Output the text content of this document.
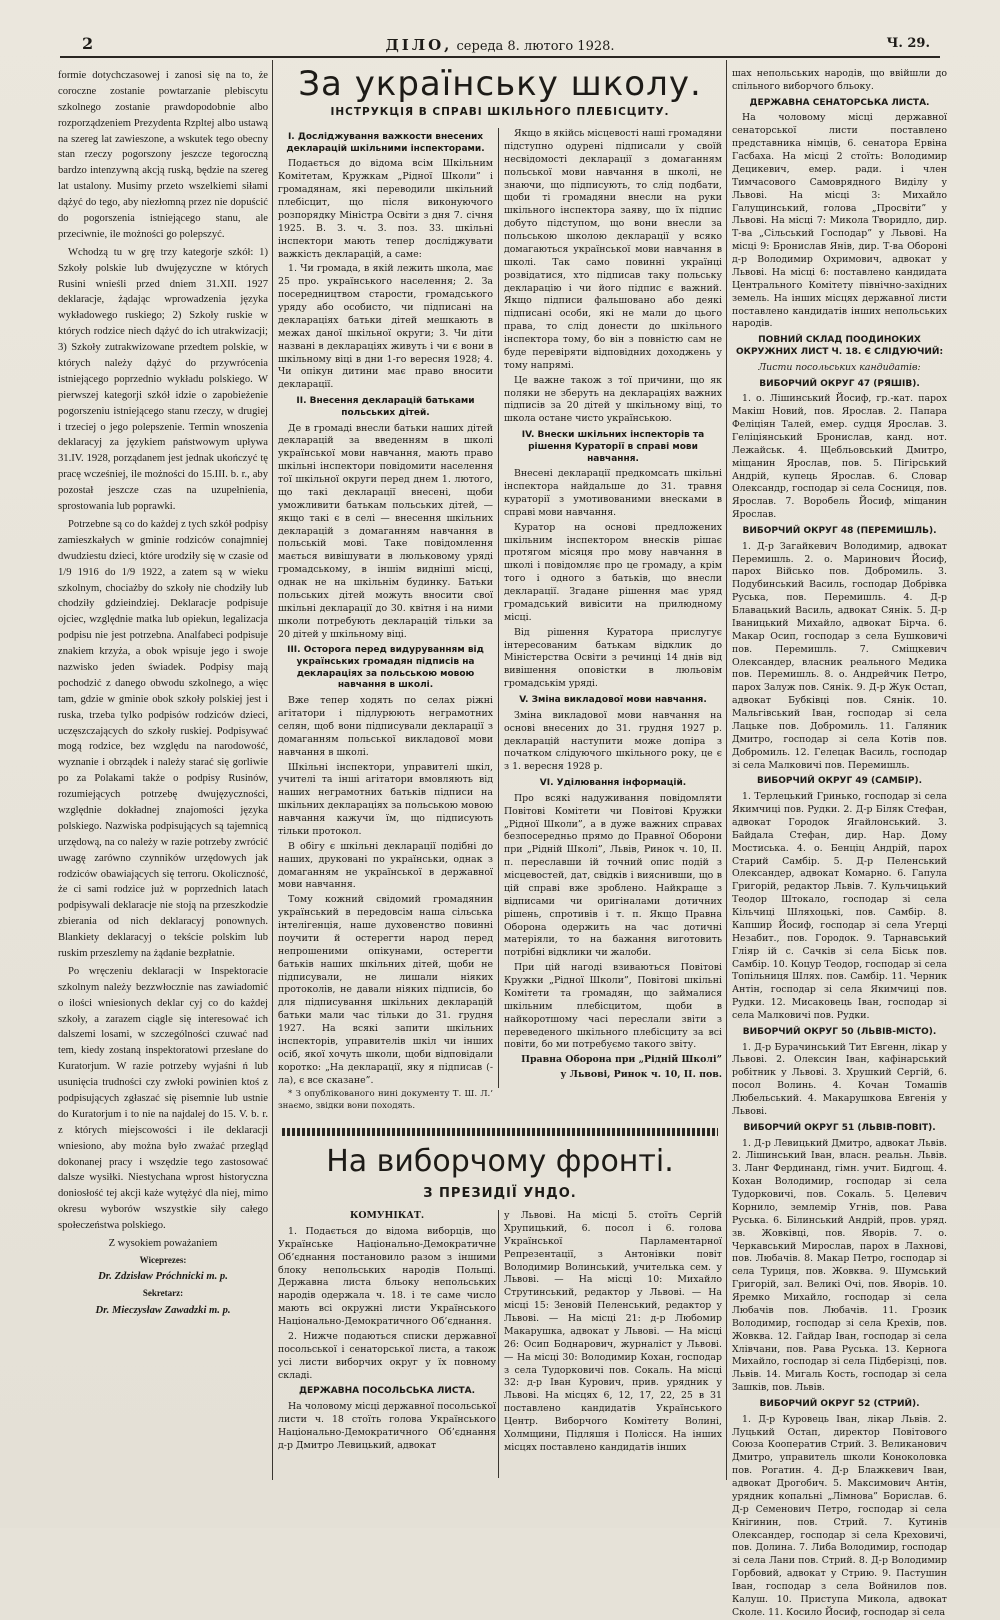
2	ДІЛО, середа 8. лютого 1928.	Ч. 29.

formie dotychczasowej i zanosi się na to, że coroczne zostanie powtarzanie plebiscytu szkolnego zostanie prawdopodobnie albo rozporządzeniem Prezydenta Rzpltej albo ustawą na szereg lat zawieszone, a wskutek tego obecny stan rzeczy pogorszony jeszcze tegoroczną bardzo intenzywną akcją ruską, będzie na szereg lat ustalony. Musimy przeto wszelkiemi siłami dążyć do tego, aby niezłomną przez nie dopuścić do pogorszenia istniejącego stanu, ale przeciwnie, ile możności go polepszyć.

Wchodzą tu w grę trzy kategorje szkół: 1) Szkoły polskie lub dwujęzyczne w których Rusini wnieśli przed dniem 31.XII. 1927 deklaracje, żądając wprowadzenia języka wykładowego ruskiego; 2) Szkoły ruskie w których rodzice niech dążyć do ich utrakwizacji; 3) Szkoły zutrakwizowane przedtem polskie, w których należy dążyć do przywrócenia istniejącego poprzednio wykładu polskiego. W pierwszej kategorji szkół idzie o zapobieżenie pogorszeniu istniejącego stanu rzeczy, w drugiej i trzeciej o jego polepszenie. Termin wnoszenia deklaracyj za językiem państwowym upływa 31.IV. 1928, porządanem jest jednak ukończyć tę pracę wcześniej, ile możności do 15.III. b. r., aby pozostał jeszcze czas na uzupełnienia, sprostowania lub poprawki.

Potrzebne są co do każdej z tych szkół podpisy zamieszkałych w gminie rodziców conajmniej dwudziestu dzieci, które urodziły się w czasie od 1/9 1916 do 1/9 1922, a zatem są w wieku szkolnym, chociażby do szkoły nie chodziły lub chodziły gdzieindziej. Deklaracje podpisuje ojciec, względnie matka lub opiekun, legalizacja podpisu nie jest potrzebna. Analfabeci podpisuje znakiem krzyża, a obok wpisuje jego i swoje nazwisko jeden świadek. Podpisy mają pochodzić z danego obwodu szkolnego, a więc tam, gdzie w gminie obok szkoły polskiej jest i ruska, trzeba tylko podpisów rodziców dzieci, uczęszczających do szkoły ruskiej. Podpisywać mogą rodzice, bez względu na narodowość, wyznanie i obrządek i należy starać się gorliwie po za Polakami także o podpisy Rusinów, rozumiejących potrzebę dwujęzyczności, względnie dokładnej znajomości języka polskiego. Nazwiska podpisujących są tajemnicą urzędową, na co należy w razie potrzeby zwrócić uwagę zarówno czynników urzędowych jak rodziców obawiających się terroru. Okoliczność, że ci sami rodzice już w poprzednich latach podpisywali deklaracje nie stoją na przeszkodzie zbierania od nich deklaracyj ponownych. Blankiety deklaracyj o tekście polskim lub ruskim przeszlemy na żądanie bezpłatnie.

Po wręczeniu deklaracji w Inspektoracie szkolnym należy bezzwłocznie nas zawiadomić o ilości wniesionych deklar cyj co do każdej szkoły, a zarazem ciągle się interesować ich dalszemi losami, w szczególności czuwać nad tem, kiedy zostaną inspektoratowi przesłane do Kuratorjum. W razie potrzeby wyjaśni ń lub usunięcia trudności czy zwłoki powinien ktoś z podpisujących zgłaszać się pisemnie lub ustnie do Kuratorjum i to nie na najdalej do 15. V. b. r. z których miejscowości i ile deklaracji wniesiono, aby można było zważać przegląd dokonanej pracy i wszędzie tego zastosować dalsze wysiłki. Niestychana wprost historyczna doniosłość tej akcji każe wytężyć dla niej, mimo okresu wyborów wszystkie siły całego społeczeństwa polskiego.

Z wysokiem poważaniem

Wiceprezes:

Dr. Zdzisław Próchnicki m. p.

Sekretarz:

Dr. Mieczysław Zawadzki m. p.

За українську школу.
ІНСТРУКЦІЯ В СПРАВІ ШКІЛЬНОГО ПЛЕБІСЦИТУ.

І. Досліджування важкости внесених декларацій шкільними інспекторами.

Подається до відома всім Шкільним Комітетам, Кружкам „Рідної Школи” і громадянам, які переводили шкільний плебісцит, що після виконуючого розпорядку Міністра Освіти з дня 7. січня 1925. В. З. ч. 3. поз. 33. шкільні інспектори мають тепер досліджувати важкість декларацій, а саме:

1. Чи громада, в якій лежить школа, має 25 про. українського населення; 2. За посередництвом старости, громадського уряду або особисто, чи підписані на деклараціях батьки дітей мешкають в межах даної шкільної округи; 3. Чи діти названі в деклараціях живуть і чи є вони в шкільному віці в дни 1-го вересня 1928; 4. Чи опікун дитини має право вносити декларації.

ІІ. Внесення декларацій батьками польських дітей.

Де в громаді внесли батьки наших дітей декларацій за введенням в школі української мови навчання, мають право шкільні інспектори повідомити населення тої шкільної округи перед днем 1. лютого, що такі декларації внесені, щоби уможливити батькам польських дітей, — якщо такі є в селі — внесення шкільних декларацій з домаганням навчання в польській мові. Таке повідомлення мається вивішувати в люльковому уряді громадському, в іншім видніші місці, однак не на шкільнім будинку. Батьки польських дітей можуть вносити свої шкільні декларації до 30. квітня і на ними школи потребують декларацій тільки за 20 дітей у шкільному віці.

ІІІ. Осторога перед видуруванням від українських громадян підписів на деклараціях за польською мовою навчання в школі.

Вже тепер ходять по селах ріжні агітатори і підлурюють неграмотних селян, щоб вони підписували декларації з домаганням польської викладової мови навчання в школі.

Шкільні інспектори, управителі шкіл, учителі та інші агітатори вмовляють від наших неграмотних батьків підписи на шкільних деклараціях за польською мовою навчання кажучи їм, що підписують тільки протокол.

В обігу є шкільні декларації подібні до наших, друковані по українськи, однак з домаганням не української в державної мови навчання.

Тому кожний свідомий громадянин український в передовсім наша сільська інтелігенція, наше духовенство повинні поучити й остерегти народ перед непрошеними опікунами, остерегти батьків наших шкільних дітей, щоби не підписували, не лишали ніяких протоколів, не давали ніяких підписів, бо для підписування шкільних декларацій батьки мали час тільки до 31. грудня 1927. На всякі запити шкільних інспекторів, управителів шкіл чи інших осіб, якої хочуть школи, щоби відповідали коротко: „На декларації, яку я підписав (-ла), є все сказане”.

* З опублікованого нині документу Т. Ш. Л.’ знаємо, звідки вони походять.

Якщо в якійсь місцевості наші громадяни підступно одурені підписали у своїй несвідомості декларації з домаганням польської мови навчання в школі, не знаючи, що підписують, то слід подбати, щоби ті громадяни внесли на руки шкільного інспектора заяву, що їх підпис добуто підступом, що вони внесли за польською школою декларації у всяко домагаються української мови навчання в школі. Так само повинні українці розвідатися, хто підписав таку польську декларацію і чи його підпис є важний. Якщо підписи фальшовано або деякі підписані особи, які не мали до цього права, то слід донести до шкільного інспектора тому, бо він з повністю сам не буде перевіряти відповідних доходжень у тому напрямі.

Це важне також з тої причини, що як поляки не зберуть на деклараціях важних підписів за 20 дітей у шкільному віці, то школа остане чисто українською.

IV. Внески шкільних інспекторів та рішення Кураторії в справі мови навчання.

Внесені декларації предкомсать шкільні інспектора найдальше до 31. травня кураторії з умотивованими внесками в справі мови навчання.

Куратор на основі предложених шкільним інспектором внесків рішає протягом місяця про мову навчання в школі і повідомляє про це громаду, а крім того і одного з батьків, що внесли декларації. Згадане рішення має уряд громадський вивісити на прилюдному місці.

Від рішення Куратора прислугує інтересованим батькам відклик до Міністерства Освіти з речинці 14 днів від вивішення оповістки в люльовім громадськім уряді.

V. Зміна викладової мови навчання.

Зміна викладової мови навчання на основі внесених до 31. грудня 1927 р. декларацій наступити може допіра з початком слідуючого шкільного року, це є з 1. вересня 1928 р.

VI. Уділювання інформацій.

Про всякі надуживання повідомляти Повітові Комітети чи Повітові Кружки „Рідної Школи”, а в дуже важних справах безпосередньо прямо до Правної Оборони при „Рідній Школі”, Львів, Ринок ч. 10, ІІ. п. переславши ій точний опис подій з місцевостей, дат, свідків і вияснивши, що в цій справі вже зроблено. Найкраще з відписами чи оригіналами дотичних рішень, спротивів і т. п. Якщо Правна Оборона одержить на час дотичні матеріяли, то на бажання виготовить потрібні відклики чи жалоби.

При цій нагоді взиваються Повітові Кружки „Рідної Школи”, Повітові шкільні Комітети та громадян, що займалися шкільним плебісцитом, щоби в найкоротшому часі переслали звіти з переведеного шкільного плебісциту за всі повіти, бо ми потребуємо такого звіту.

Правна Оборона при „Рідній Школі”

у Львові, Ринок ч. 10, ІІ. пов.

На виборчому фронті.
З ПРЕЗИДІЇ УНДО.

КОМУНІКАТ.

1. Подається до відома виборців, що Українське Національно-Демократичне Об’єднання постановило разом з іншими блоку непольських народів Польщі. Державна листа бльоку непольських народів одержала ч. 18. і те саме число мають всі окружні листи Українського Національно-Демократичного Об’єднання.

2. Нижче подаються списки державної посольської і сенаторської листа, а також усі листи виборчих округ у їх повному складі.

ДЕРЖАВНА ПОСОЛЬСЬКА ЛИСТА.

На чоловому місці державної посольської листи ч. 18 стоїть голова Українського Національно-Демократичного Об’єднання д-р Дмитро Левицький, адвокат

у Львові. На місці 5. стоїть Сергій Хрупицький, 6. посол і 6. голова Української Парламентарної Репрезентації, з Антонівки повіт Володимир Волинський, учителька сем. у Львові. — На місці 10: Михайло Струтинський, редактор у Львові. — На місці 15: Зеновій Пеленський, редактор у Львові. — На місці 21: д-р Любомир Макарушка, адвокат у Львові. — На місці 26: Осип Боднарович, журналіст у Львові. — На місці 30: Володимир Кохан, господар з села Тудорковичі пов. Сокаль. На місці 32: д-р Іван Курович, прив. урядник у Львові. На місцях 6, 12, 17, 22, 25 в 31 поставлено кандидатів Українського Центр. Виборчого Комітету Волині, Холмщини, Підляшя і Полісся. На інших місцях поставлено кандидатів інших

шах непольських народів, що ввійшли до спільного виборчого бльоку.

ДЕРЖАВНА СЕНАТОРСЬКА ЛИСТА.

На чоловому місці державної сенаторської листи поставлено представника німців, 6. сенатора Ервіна Гасбаха. На місці 2 стоїть: Володимир Децикевич, емер. ради. і член Тимчасового Самоврядного Виділу у Львові. На місці 3: Михайло Галущинський, голова „Просвіти” у Львові. На місці 7: Микола Творидло, дир. Т-ва „Сільський Господар” у Львові. На місці 9: Бронислав Янів, дир. Т-ва Обороні д-р Володимир Охримович, адвокат у Львові. На місці 6: поставлено кандидата Центрального Комітету північно-західних земель. На інших місцях державної листи поставлено кандидатів інших непольських народів.

ПОВНИЙ СКЛАД ПООДИНОКИХ ОКРУЖНИХ ЛИСТ Ч. 18. Є СЛІДУЮЧИЙ:

Листи посольських кандидатів:

ВИБОРЧИЙ ОКРУГ 47 (РЯШІВ).

1. о. Лішинський Йосиф, гр.-кат. парох Макіш Новий, пов. Ярослав. 2. Папара Феліціян Талей, емер. судця Ярослав. 3. Геліціянський Бронислав, канд. нот. Лежайськ. 4. Щебльовський Дмитро, міщанин Ярослав, пов. 5. Пігірський Андрій, купець Ярослав. 6. Словар Олександр, господар зі села Сосниця, пов. Ярослав. 7. Воробель Йосиф, міщанин Ярослав.

ВИБОРЧИЙ ОКРУГ 48 (ПЕРЕМИШЛЬ).

1. Д-р Загайкевич Володимир, адвокат Перемишль. 2. о. Маринович Йосиф, парох Військо пов. Добромиль. 3. Подубинський Василь, господар Добрівка Руська, пов. Перемишль. 4. Д-р Блавацький Василь, адвокат Сянік. 5. Д-р Іваницький Михайло, адвокат Бірча. 6. Макар Осип, господар з села Бушковичі пов. Перемишль. 7. Сміщкевич Олександер, власник реального Медика пов. Перемишль. 8. о. Андрейчик Петро, парох Залуж пов. Сянік. 9. Д-р Жук Остап, адвокат Бубківці пов. Сянік. 10. Мальгівський Іван, господар зі села Лацьке пов. Добромиль. 11. Галяник Дмитро, господар зі села Котів пов. Добромиль. 12. Гелецак Василь, господар зі села Малковичі пов. Перемишль.

ВИБОРЧИЙ ОКРУГ 49 (САМБІР).

1. Терлецький Гринько, господар зі села Якимчиці пов. Рудки. 2. Д-р Біляк Стефан, адвокат Городок Ягайлонський. 3. Байдала Стефан, дир. Нар. Дому Мостиська. 4. о. Бенціц Андрій, парох Старий Самбір. 5. Д-р Пеленський Олександер, адвокат Комарно. 6. Гапула Григорій, редактор Львів. 7. Кульчицький Теодор Штокало, господар зі села Кільчиці Шляхоцькі, пов. Самбір. 8. Капшир Йосиф, господар зі села Угерці Незабит., пов. Городок. 9. Тарнавський Гліяр ій с. Сачків зі села Біськ пов. Самбір. 10. Коцур Теодор, господар зі села Топільниця Шлях. пов. Самбір. 11. Черник Антін, господар зі села Якимчиці пов. Рудки. 12. Мисаковець Іван, господар зі села Малковичі пов. Рудки.

ВИБОРЧИЙ ОКРУГ 50 (ЛЬВІВ-МІСТО).

1. Д-р Бурачинський Тит Евгенн, лікар у Львові. 2. Олексин Іван, кафінарський робітник у Львові. 3. Хрушкий Сергій, 6. посол Волинь. 4. Кочан Томашів Любельський. 4. Макарушкова Евгенія у Львові.

ВИБОРЧИЙ ОКРУГ 51 (ЛЬВІВ-ПОВІТ).

1. Д-р Левицький Дмитро, адвокат Львів. 2. Лішинський Іван, власн. реальн. Львів. 3. Ланг Фердинанд, гімн. учит. Бидгощ. 4. Кохан Володимир, господар зі села Тудорковичі, пов. Сокаль. 5. Целевич Корнило, землемір Угнів, пов. Рава Руська. 6. Білинський Андрій, пров. уряд. зв. Жовківці, пов. Яворів. 7. о. Черкавський Мирослав, парох в Лахнові, пов. Любачів. 8. Макар Петро, господар зі села Туриця, пов. Жовква. 9. Шумський Григорій, зал. Великі Очі, пов. Яворів. 10. Яремко Михайло, господар зі села Любачів пов. Любачів. 11. Грозик Володимир, господар зі села Крехів, пов. Жовква. 12. Гайдар Іван, господар зі села Хлівчани, пов. Рава Руська. 13. Кернога Михайло, господар зі села Підберізці, пов. Львів. 14. Мигаль Кость, господар зі села Зашків, пов. Львів.

ВИБОРЧИЙ ОКРУГ 52 (СТРИЙ).

1. Д-р Куровець Іван, лікар Львів. 2. Луцький Остап, директор Повітового Союза Кооператив Стрий. 3. Великанович Дмитро, управитель школи Коноколовка пов. Рогатин. 4. Д-р Блажкевич Іван, адвокат Дрогобич. 5. Максимович Антін, урядник копальні „Лімнова” Борислав. 6. Д-р Семенович Петро, господар зі села Кнігинин, пов. Стрий. 7. Кутинів Олександер, господар зі села Креховичі, пов. Долина. 7. Либа Володимир, господар зі села Лани пов. Стрий. 8. Д-р Володимир Горбовий, адвокат у Стрию. 9. Пастушин Іван, господар з села Войнилов пов. Калуш. 10. Приступа Микола, адвокат Сколе. 11. Косило Йосиф, господар зі села
